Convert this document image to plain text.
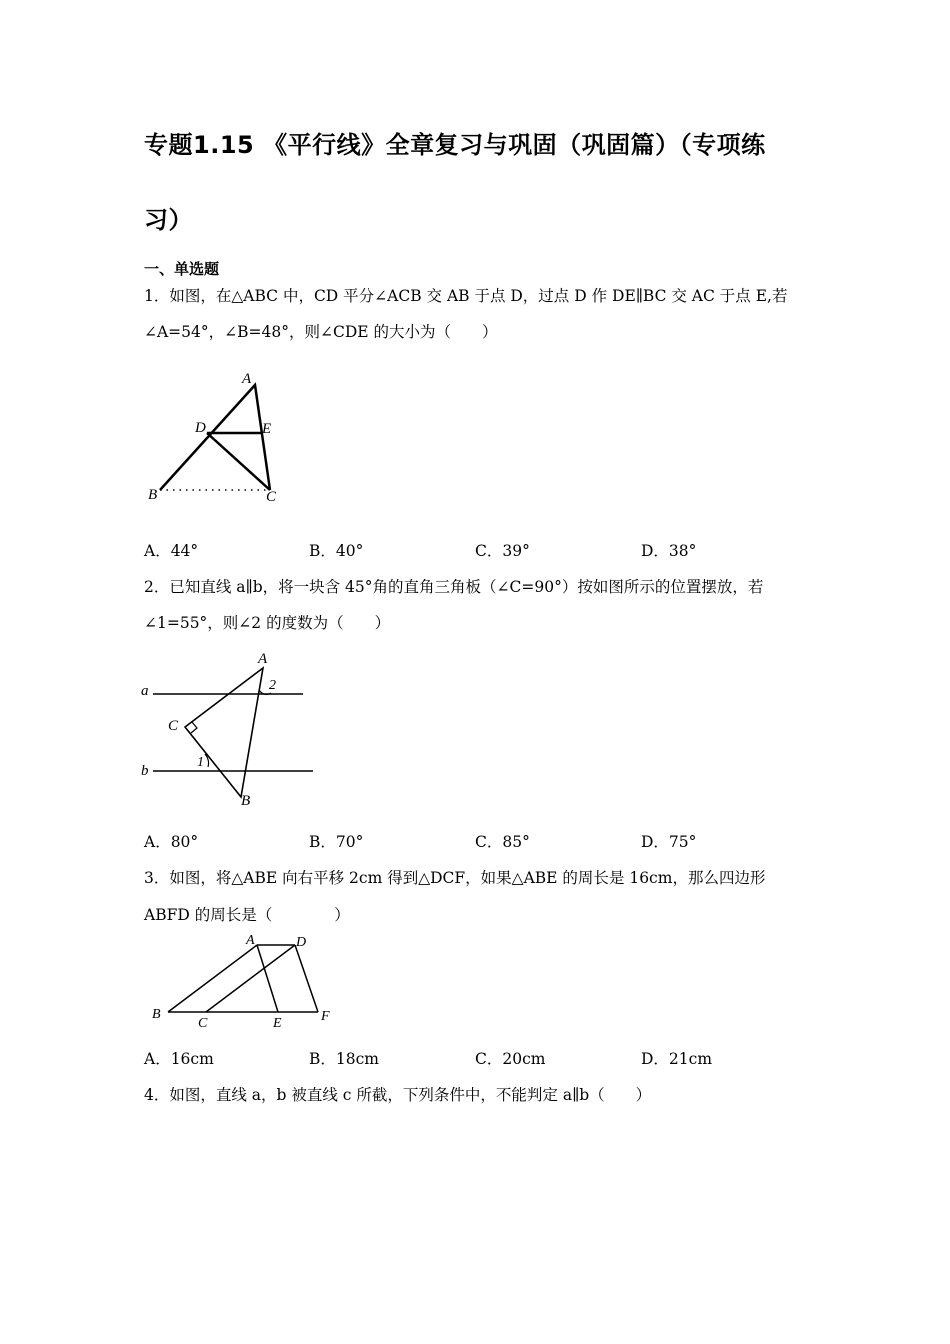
专题1.15 《平行线》全章复习与巩固（巩固篇）（专项练
习）
一、单选题
1．如图，在△ABC 中，CD 平分∠ACB 交 AB 于点 D，过点 D 作 DE∥BC 交 AC 于点 E,若
∠A=54°，∠B=48°，则∠CDE 的大小为（　　）
A
D	E
B	C
A．44°	B．40°	C．39°	D．38°
2．已知直线 a∥b，将一块含 45°角的直角三角板（∠C=90°）按如图所示的位置摆放，若
∠1=55°，则∠2 的度数为（　　）
a
b
A
C
B
1
2
A．80°	B．70°	C．85°	D．75°
3．如图，将△ABE 向右平移 2cm 得到△DCF，如果△ABE 的周长是 16cm，那么四边形
ABFD 的周长是（　　　　）
A	D
B
C	E	F
A．16cm	B．18cm	C．20cm	D．21cm
4．如图，直线 a，b 被直线 c 所截，下列条件中，不能判定 a∥b（　　）
